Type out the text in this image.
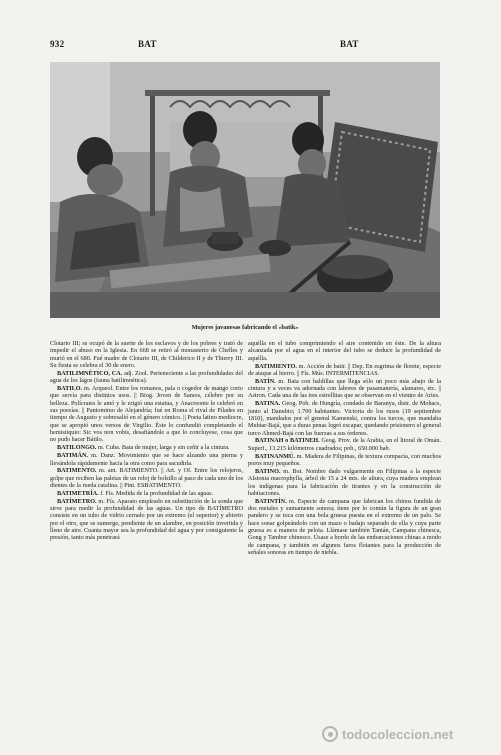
932	BAT	BAT
Mujeres javanesas fabricando el «batik»

Clotario III; se ocupó de la suerte de los esclavos y de los pobres y trató de impedir el abuso en la Iglesia. En 668 se retiró al monasterio de Chelles y murió en el 680. Fué madre de Clotario III, de Childerico II y de Thierry III. Su fiesta se celebra el 30 de enero.

BATILIMNÉTICO, CA. adj. Zool. Perteneciente a las profundidades del agua de los lagos (fauna batilimnética).

BATILO. m. Arqueol. Entre los romanos, pala o cogedor de mango corto que servía para distintos usos. || Biog. Joven de Samos, célebre por su belleza. Polícrates le amó y le erigió una estatua, y Anacreonte le celebró en sus poesías. || Pantomimo de Alejandría; fué en Roma el rival de Pílades en tiempo de Augusto y sobresalió en el género cómico. || Poeta latino mediocre, que se apropió unos versos de Virgilio. Éste lo confundió completando el hemistiquio: Sic vos non vobis, desafiándole a que lo concluyese, cosa que no pudo hacer Bátilo.

BATILONGO. m. Cuba. Bata de mujer, larga y sin ceñir a la cintura.

BATIMÁN. m. Danz. Movimiento que se hace alzando una pierna y llevándola rápidamente hacia la otra como para sacudirla.

BATIMENTO. m. ant. BATIMIENTO. || Art. y Of. Entre los relojeros, golpe que reciben las paletas de un reloj de bolsillo al paso de cada uno de los dientes de la rueda catalina. || Pint. ESBATIMENTO.

BATIMETRÍA. f. Fís. Medida de la profundidad de las aguas.

BATÍMETRO. m. Fís. Aparato empleado en substitución de la sonda que sirve para medir la profundidad de las aguas. Un tipo de BATÍMETRO consiste en un tubo de vidrio cerrado por un extremo (el superior) y abierto por el otro, que se sumerge, pendiente de un alambre, en posición invertida y lleno de aire. Cuanta mayor sea la profundidad del agua y por consiguiente la presión, tanto más penetrará

aquélla en el tubo comprimiendo el aire contenido en éste. De la altura alcanzada por el agua en el interior del tubo se deduce la profundidad de aquélla.

BATIMIENTO. m. Acción de batir. || Dep. En esgrima de florete, especie de ataque al hierro. || Fís. Mús. INTERMITENCIAS.

BATÍN. m. Bata con haldillas que llega sólo un poco más abajo de la cintura y a veces va adornada con labores de pasamanería, alamares, etc. || Astron. Cada una de las tres estrellitas que se observan en el vientre de Aries.

BATINA. Geog. Pob. de Hungría, condado de Baranya, distr. de Mohacs, junto al Danubio; 1.700 habitantes. Victoria de los rusos (19 septiembre 1810), mandados por el general Kamenski, contra los turcos, que mandaba Muhtar-Bajá, que a duras penas logró escapar, quedando prisionero el general turco Ahmed-Bajá con las fuerzas a sus órdenes.

BATINAH o BATINEH. Geog. Prov. de la Arabia, en el litoral de Omán. Superf., 13.215 kilómetros cuadrados; pob., 650.000 hab.

BATINANMÚ. m. Madera de Filipinas, de textura compacta, con muchos poros muy pequeños.

BATINO. m. Bot. Nombre dado vulgarmente en Filipinas a la especie Alstonia macrophylla, árbol de 15 a 24 mts. de altura, cuya madera emplean los indígenas para la fabricación de tirantes y en la construcción de habitaciones.

BATINTÍN. m. Especie de campana que fabrican los chinos fundida de dos metales y sumamente sonora; tiene por lo común la figura de un gran pandero y se toca con una bola gruesa puesta en el extremo de un palo. Se hace sonar golpeándolo con un mazo o badajo separado de ella y cuya parte gruesa es a manera de pelota. Llámase también Tantán, Campana chinesca, Gong y Tambor chinesco. Úsase a bordo de las embarcaciones chinas a modo de campana, y también en algunos faros flotantes para la producción de señales sonoras en tiempo de niebla.

todocoleccion.net
